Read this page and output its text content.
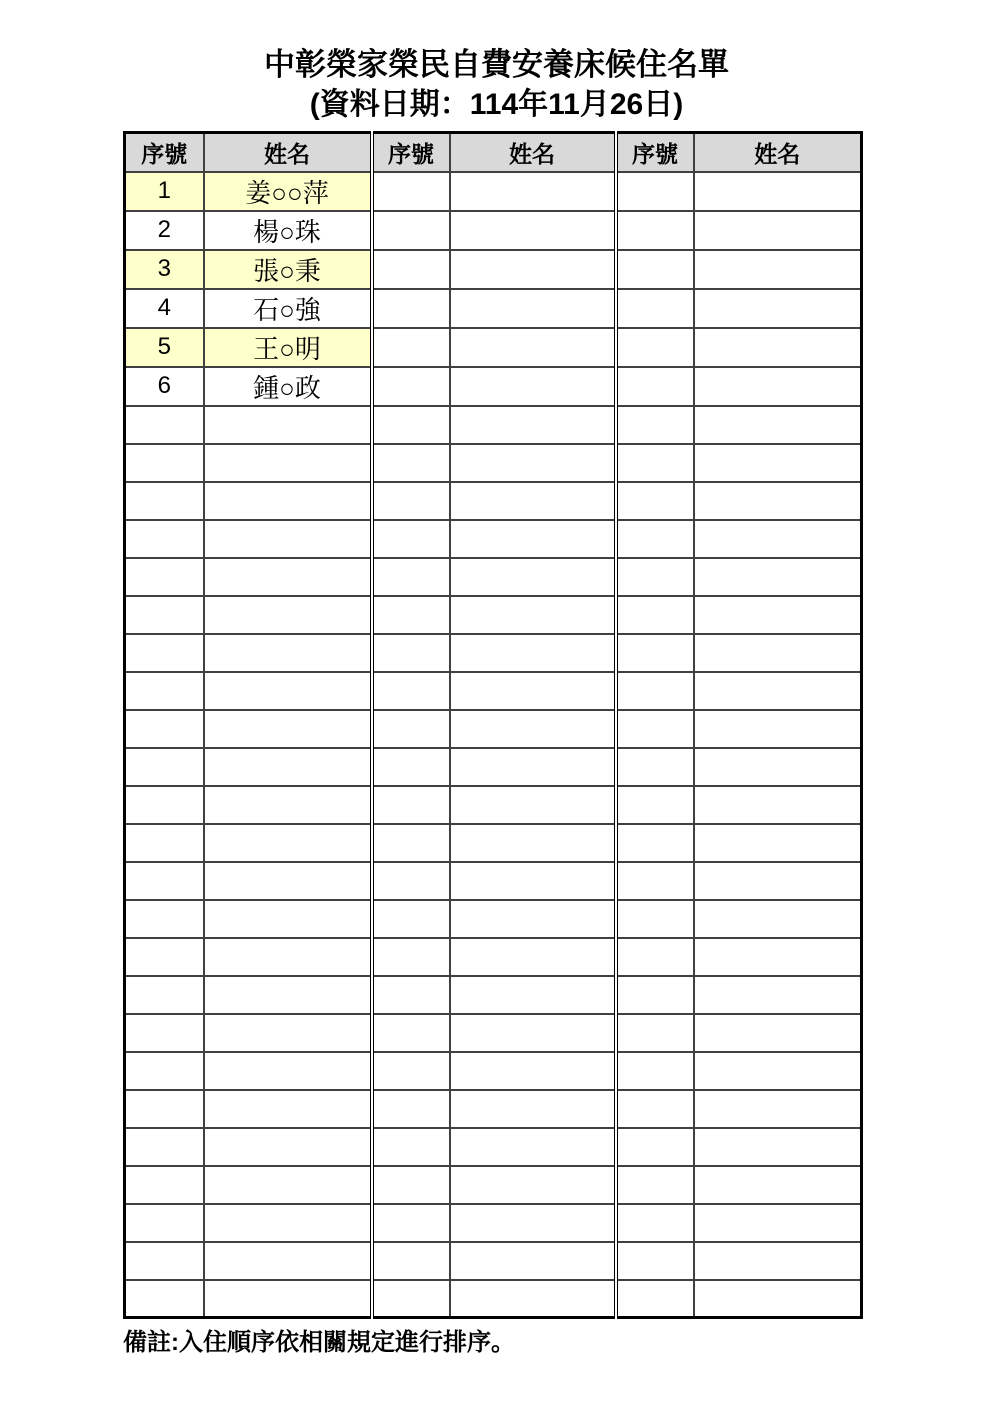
中彰榮家榮民自費安養床候住名單
(資料日期：114年11月26日)
序號	姓名	序號	姓名	序號	姓名
1	姜○○萍				
2	楊○珠				
3	張○秉				
4	石○強				
5	王○明				
6	鍾○政				

備註:入住順序依相關規定進行排序。
